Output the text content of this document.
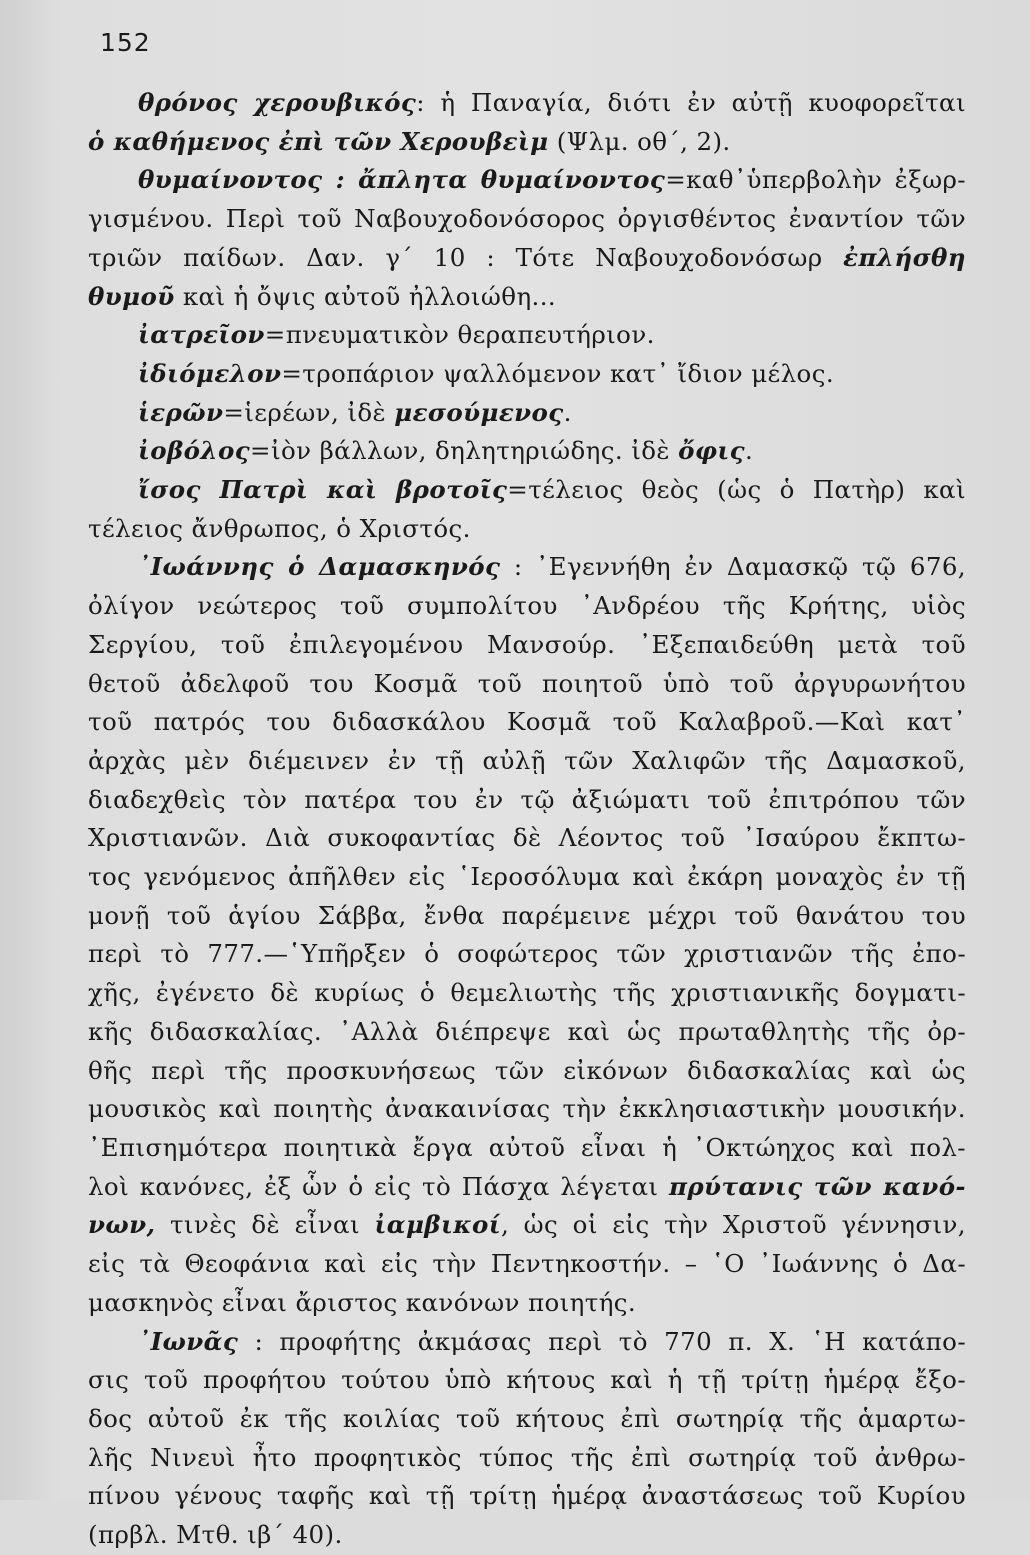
152
θρόνος χερουβικός: ἡ Παναγία, διότι ἐν αὐτῇ κυοφορεῖται
ὁ καθήμενος ἐπὶ τῶν Χερουβεὶμ (Ψλμ. οθ΄, 2).
θυμαίνοντος : ἄπλητα θυμαίνοντος=καθ᾽ὑπερβολὴν ἐξωρ-
γισμένου. Περὶ τοῦ Ναβουχοδονόσορος ὀργισθέντος ἐναντίον τῶν
τριῶν παίδων. Δαν. γ΄ 10 : Τότε Ναβουχοδονόσωρ ἐπλήσθη
θυμοῦ καὶ ἡ ὄψις αὐτοῦ ἠλλοιώθη...
ἰατρεῖον=πνευματικὸν θεραπευτήριον.
ἰδιόμελον=τροπάριον ψαλλόμενον κατ᾽ ἴδιον μέλος.
ἱερῶν=ἱερέων, ἰδὲ μεσούμενος.
ἰοβόλος=ἰὸν βάλλων, δηλητηριώδης. ἰδὲ ὄφις.
ἴσος Πατρὶ καὶ βροτοῖς=τέλειος θεὸς (ὡς ὁ Πατὴρ) καὶ
τέλειος ἄνθρωπος, ὁ Χριστός.
᾽Ιωάννης ὁ Δαμασκηνός : ᾽Εγεννήθη ἐν Δαμασκῷ τῷ 676,
ὀλίγον νεώτερος τοῦ συμπολίτου ᾽Ανδρέου τῆς Κρήτης, υἱὸς
Σεργίου, τοῦ ἐπιλεγομένου Μανσούρ. ᾽Εξεπαιδεύθη μετὰ τοῦ
θετοῦ ἀδελφοῦ του Κοσμᾶ τοῦ ποιητοῦ ὑπὸ τοῦ ἀργυρωνήτου
τοῦ πατρός του διδασκάλου Κοσμᾶ τοῦ Καλαβροῦ.—Καὶ κατ᾽
ἀρχὰς μὲν διέμεινεν ἐν τῇ αὐλῇ τῶν Χαλιφῶν τῆς Δαμασκοῦ,
διαδεχθεὶς τὸν πατέρα του ἐν τῷ ἀξιώματι τοῦ ἐπιτρόπου τῶν
Χριστιανῶν. Διὰ συκοφαντίας δὲ Λέοντος τοῦ ᾽Ισαύρου ἔκπτω-
τος γενόμενος ἀπῆλθεν εἰς ῾Ιεροσόλυμα καὶ ἐκάρη μοναχὸς ἐν τῇ
μονῇ τοῦ ἁγίου Σάββα, ἔνθα παρέμεινε μέχρι τοῦ θανάτου του
περὶ τὸ 777.—῾Υπῆρξεν ὁ σοφώτερος τῶν χριστιανῶν τῆς ἐπο-
χῆς, ἐγένετο δὲ κυρίως ὁ θεμελιωτὴς τῆς χριστιανικῆς δογματι-
κῆς διδασκαλίας. ᾽Αλλὰ διέπρεψε καὶ ὡς πρωταθλητὴς τῆς ὀρ-
θῆς περὶ τῆς προσκυνήσεως τῶν εἰκόνων διδασκαλίας καὶ ὡς
μουσικὸς καὶ ποιητὴς ἀνακαινίσας τὴν ἐκκλησιαστικὴν μουσικήν.
᾽Επισημότερα ποιητικὰ ἔργα αὐτοῦ εἶναι ἡ ᾽Οκτώηχος καὶ πολ-
λοὶ κανόνες, ἐξ ὧν ὁ εἰς τὸ Πάσχα λέγεται πρύτανις τῶν κανό-
νων, τινὲς δὲ εἶναι ἰαμβικοί, ὡς οἱ εἰς τὴν Χριστοῦ γέννησιν,
εἰς τὰ Θεοφάνια καὶ εἰς τὴν Πεντηκοστήν. – ῾Ο ᾽Ιωάννης ὁ Δα-
μασκηνὸς εἶναι ἄριστος κανόνων ποιητής.
᾽Ιωνᾶς : προφήτης ἀκμάσας περὶ τὸ 770 π. Χ. ῾Η κατάπο-
σις τοῦ προφήτου τούτου ὑπὸ κήτους καὶ ἡ τῇ τρίτῃ ἡμέρᾳ ἔξο-
δος αὐτοῦ ἐκ τῆς κοιλίας τοῦ κήτους ἐπὶ σωτηρίᾳ τῆς ἁμαρτω-
λῆς Νινευὶ ἦτο προφητικὸς τύπος τῆς ἐπὶ σωτηρίᾳ τοῦ ἀνθρω-
πίνου γένους ταφῆς καὶ τῇ τρίτῃ ἡμέρᾳ ἀναστάσεως τοῦ Κυρίου
(πρβλ. Μτθ. ιβ΄ 40).
